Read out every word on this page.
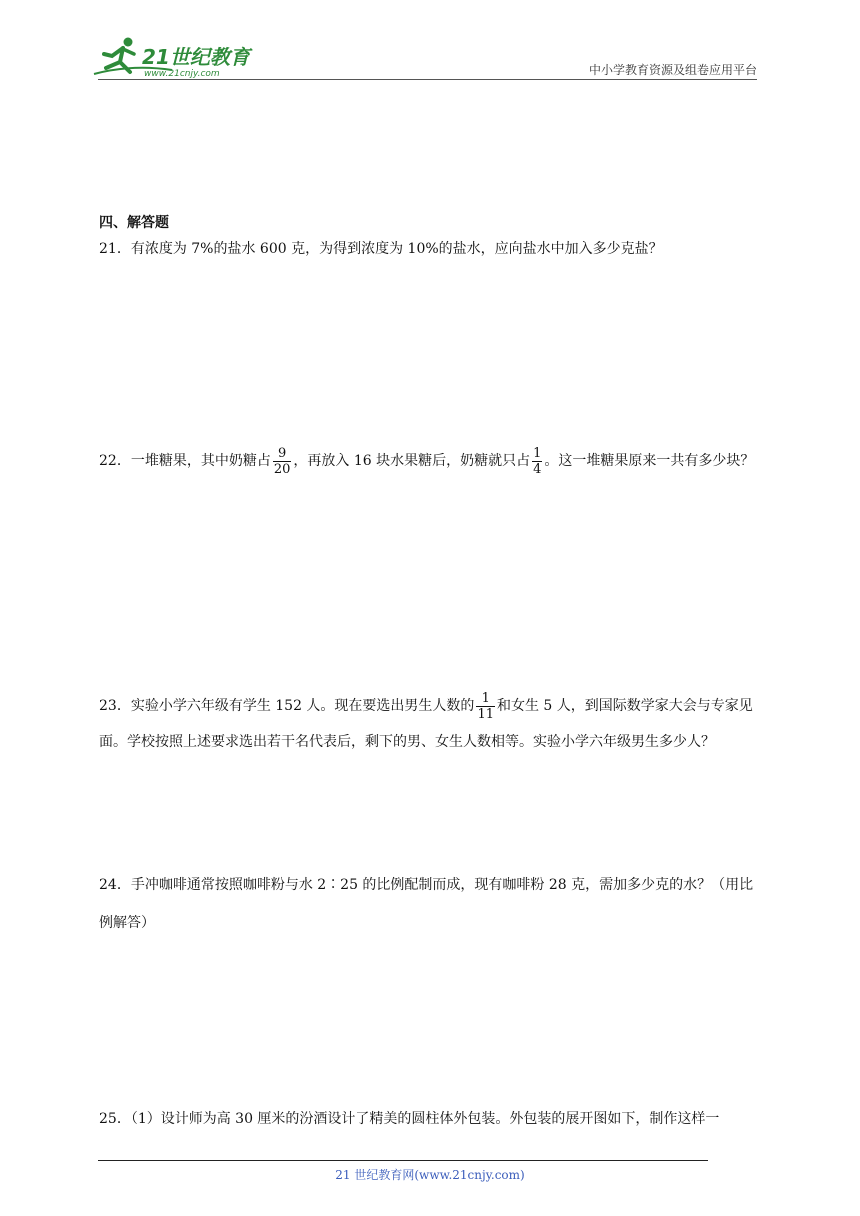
21世纪教育
www.21cnjy.com	中小学教育资源及组卷应用平台
四、解答题

21．有浓度为 7%的盐水 600 克，为得到浓度为 10%的盐水，应向盐水中加入多少克盐？

22．一堆糖果，其中奶糖占 $\frac{9}{20}$ ，再放入 16 块水果糖后，奶糖就只占 $\frac{1}{4}$ 。这一堆糖果原来一共有多少块？

23．实验小学六年级有学生 152 人。现在要选出男生人数的 $\frac{1}{11}$ 和女生 5 人，到国际数学家大会与专家见面。学校按照上述要求选出若干名代表后，剩下的男、女生人数相等。实验小学六年级男生多少人？

24．手冲咖啡通常按照咖啡粉与水 2∶25 的比例配制而成，现有咖啡粉 28 克，需加多少克的水？（用比例解答）

25．（1）设计师为高 30 厘米的汾酒设计了精美的圆柱体外包装。外包装的展开图如下，制作这样一

21 世纪教育网(www.21cnjy.com)
